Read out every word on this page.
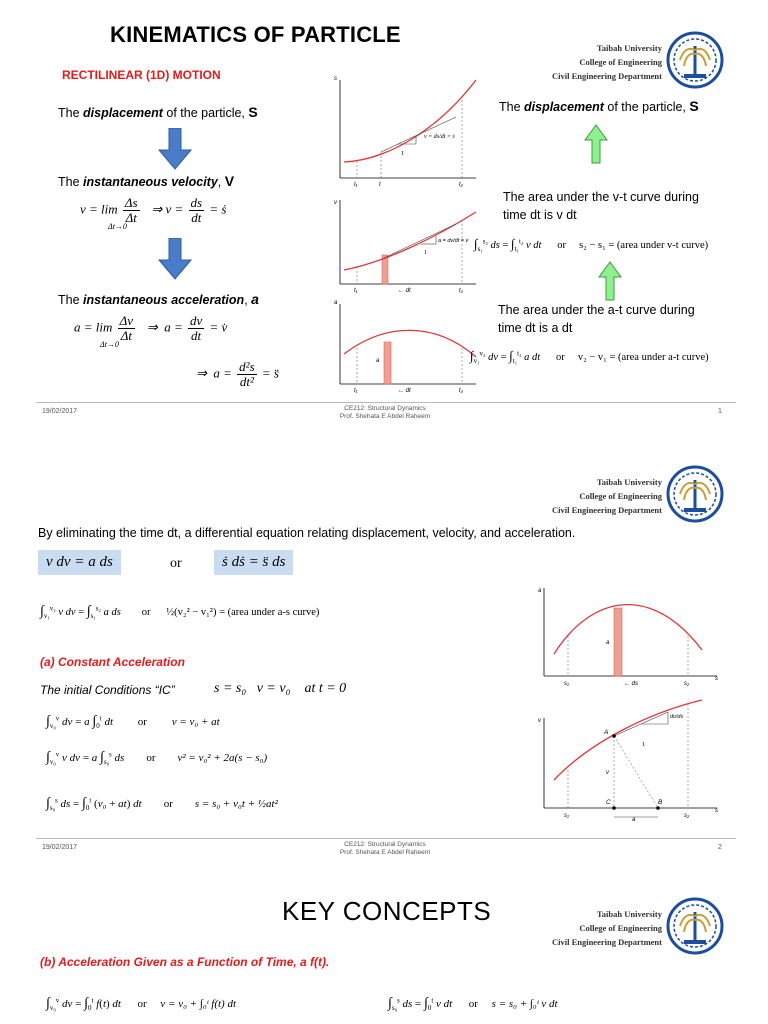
KINEMATICS OF PARTICLE
RECTILINEAR (1D) MOTION
The displacement of the particle, S
The instantaneous velocity, V
$v = \lim \frac{\Delta s}{\Delta t}$ ⇒ $v = \frac{ds}{dt}$ = ṡ
Δt→0
The instantaneous acceleration, a
$a = \lim \frac{\Delta v}{\Delta t}$ ⇒  $a = \frac{dv}{dt}$ = v̇
Δt→0
⇒  $a = \frac{\text{d²s}}{\text{dt²}}$ = s̈
1
v = ds/dt = ṡ
s
t₁	t	t₂
1
a = dv/dt = v̇
v
t₁	← dt	t₂
a
a
t₁	← dt	t₂
Taibah University
College of Engineering
Civil Engineering Department
The displacement of the particle, S
The area under the v-t curve during
time dt is v dt
$\int_{s_1}^{s_2}$ ds = $\int_{t_1}^{t_2}$ v dt or s₂ − s₁ = (area under v-t curve)
The area under the a-t curve during
time dt is a dt
$\int_{v_1}^{v_2}$ dv = $\int_{t_1}^{t_2}$ a dt or v₂ − v₁ = (area under a-t curve)
19/02/2017	CE212: Structural Dynamics
Prof. Shehata E Abdel Raheem
1
Taibah University
College of Engineering
Civil Engineering Department
By eliminating the time dt, a differential equation relating displacement, velocity, and acceleration.
v dv = a ds	or	ṡ dṡ = s̈ ds
$\int_{v_1}^{v_2}$ v dv = $\int_{s_1}^{s_2}$ a ds or ½(v₂² − v₁²) = (area under a-s curve)
(a) Constant Acceleration
The initial Conditions “IC”	s = s₀   v = v₀    at t = 0
$\int_{v_0}^v$ dv = a $\int_0^t$ dt or v = v₀ + at
$\int_{v_0}^v$ v dv = a $\int_{s_0}^s$ ds or v² = v₀² + 2a(s − s₀)
$\int_{s_0}^s$ ds = $\int_0^t$ (v₀ + at) dt or s = s₀ + v₀t + ½at²
a
a
s₁	← ds	s₂
s
A
C	B
1
dv/ds
v
v
s₁
a
s₂
s
19/02/2017	CE212: Structural Dynamics
Prof. Shehata E Abdel Raheem
2
KEY CONCEPTS	Taibah University
College of Engineering
Civil Engineering Department
(b) Acceleration Given as a Function of Time, a f(t).
$\int_{v_0}^v$ dv = $\int_0^t$ f(t) dt or v = v₀ + ∫₀ᵗ f(t) dt	$\int_{s_0}^s$ ds = $\int_0^t$ v dt or s = s₀ + ∫₀ᵗ v dt
